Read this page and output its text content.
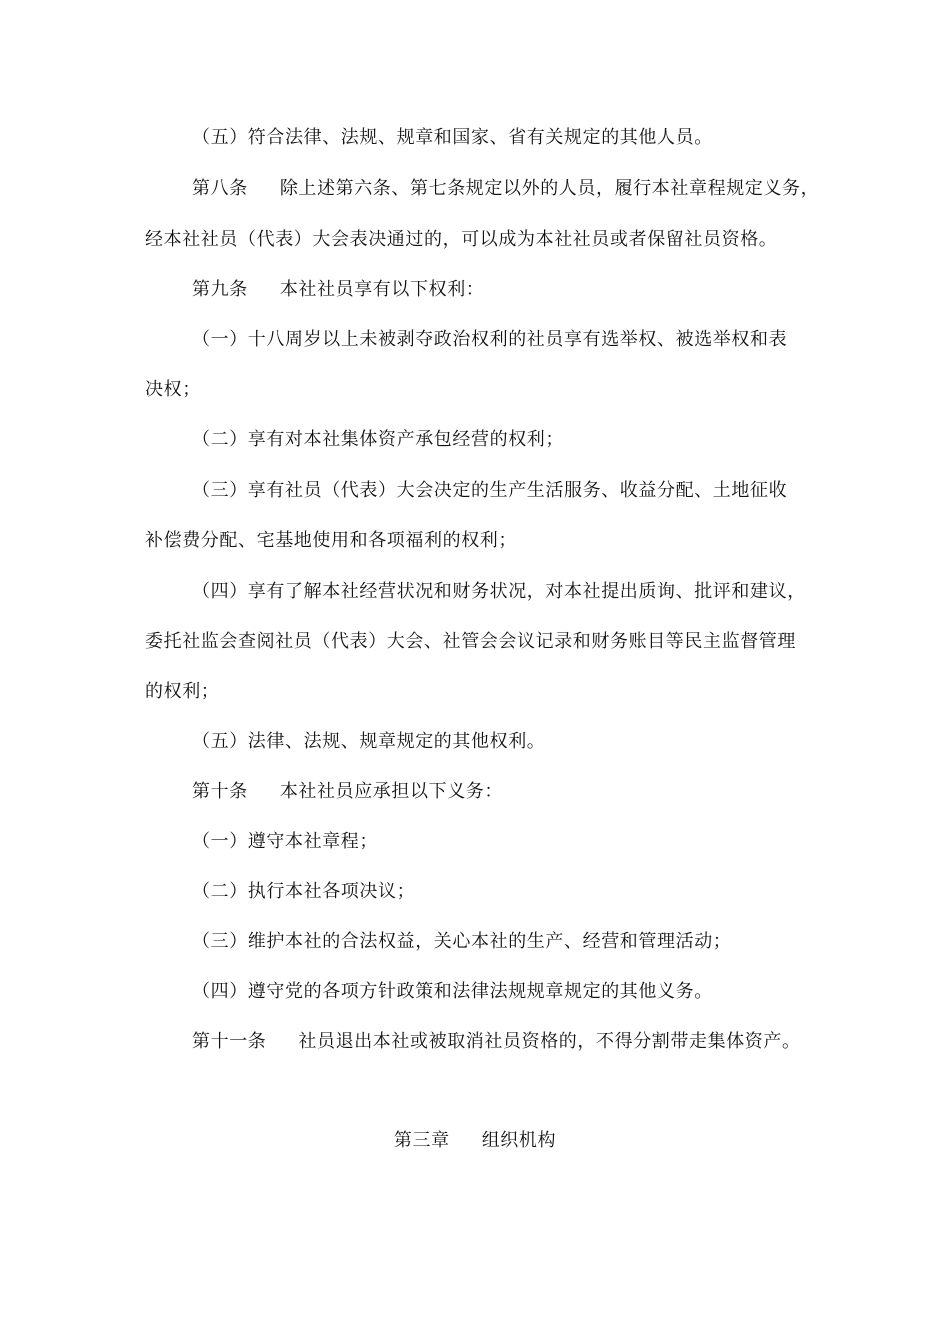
（五）符合法律、法规、规章和国家、省有关规定的其他人员。
第八条 除上述第六条、第七条规定以外的人员，履行本社章程规定义务，
经本社社员（代表）大会表决通过的，可以成为本社社员或者保留社员资格。
第九条 本社社员享有以下权利：
（一）十八周岁以上未被剥夺政治权利的社员享有选举权、被选举权和表
决权；
（二）享有对本社集体资产承包经营的权利；
（三）享有社员（代表）大会决定的生产生活服务、收益分配、土地征收
补偿费分配、宅基地使用和各项福利的权利；
（四）享有了解本社经营状况和财务状况，对本社提出质询、批评和建议，
委托社监会查阅社员（代表）大会、社管会会议记录和财务账目等民主监督管理
的权利；
（五）法律、法规、规章规定的其他权利。
第十条 本社社员应承担以下义务：
（一）遵守本社章程；
（二）执行本社各项决议；
（三）维护本社的合法权益，关心本社的生产、经营和管理活动；
（四）遵守党的各项方针政策和法律法规规章规定的其他义务。
第十一条 社员退出本社或被取消社员资格的，不得分割带走集体资产。
第三章 组织机构
